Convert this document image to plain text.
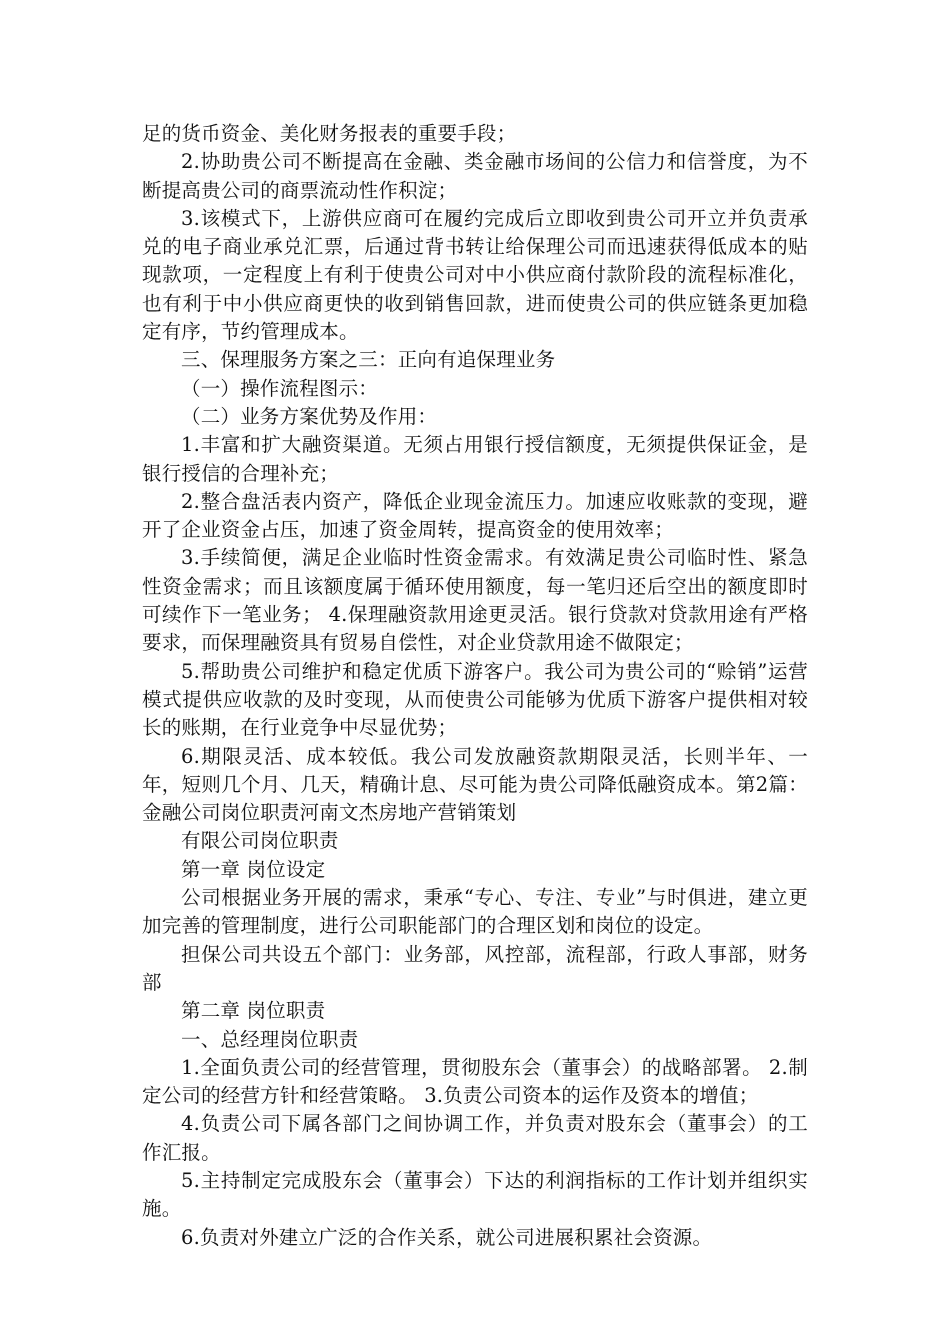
足的货币资金、美化财务报表的重要手段；

2.协助贵公司不断提高在金融、类金融市场间的公信力和信誉度，为不断提高贵公司的商票流动性作积淀；

3.该模式下，上游供应商可在履约完成后立即收到贵公司开立并负责承兑的电子商业承兑汇票，后通过背书转让给保理公司而迅速获得低成本的贴现款项，一定程度上有利于使贵公司对中小供应商付款阶段的流程标准化，也有利于中小供应商更快的收到销售回款，进而使贵公司的供应链条更加稳定有序，节约管理成本。

三、保理服务方案之三：正向有追保理业务

（一）操作流程图示：

（二）业务方案优势及作用：

1.丰富和扩大融资渠道。无须占用银行授信额度，无须提供保证金，是银行授信的合理补充；

2.整合盘活表内资产，降低企业现金流压力。加速应收账款的变现，避开了企业资金占压，加速了资金周转，提高资金的使用效率；

3.手续简便，满足企业临时性资金需求。有效满足贵公司临时性、紧急性资金需求；而且该额度属于循环使用额度，每一笔归还后空出的额度即时可续作下一笔业务； 4.保理融资款用途更灵活。银行贷款对贷款用途有严格要求，而保理融资具有贸易自偿性，对企业贷款用途不做限定；

5.帮助贵公司维护和稳定优质下游客户。我公司为贵公司的“赊销”运营模式提供应收款的及时变现，从而使贵公司能够为优质下游客户提供相对较长的账期，在行业竞争中尽显优势；

6.期限灵活、成本较低。我公司发放融资款期限灵活，长则半年、一年，短则几个月、几天，精确计息、尽可能为贵公司降低融资成本。第2篇：金融公司岗位职责河南文杰房地产营销策划

有限公司岗位职责

第一章 岗位设定

公司根据业务开展的需求，秉承“专心、专注、专业”与时俱进，建立更加完善的管理制度，进行公司职能部门的合理区划和岗位的设定。

担保公司共设五个部门：业务部，风控部，流程部，行政人事部，财务部

第二章 岗位职责

一、总经理岗位职责

1.全面负责公司的经营管理，贯彻股东会（董事会）的战略部署。 2.制定公司的经营方针和经营策略。 3.负责公司资本的运作及资本的增值；

4.负责公司下属各部门之间协调工作，并负责对股东会（董事会）的工作汇报。

5.主持制定完成股东会（董事会）下达的利润指标的工作计划并组织实施。

6.负责对外建立广泛的合作关系，就公司进展积累社会资源。
